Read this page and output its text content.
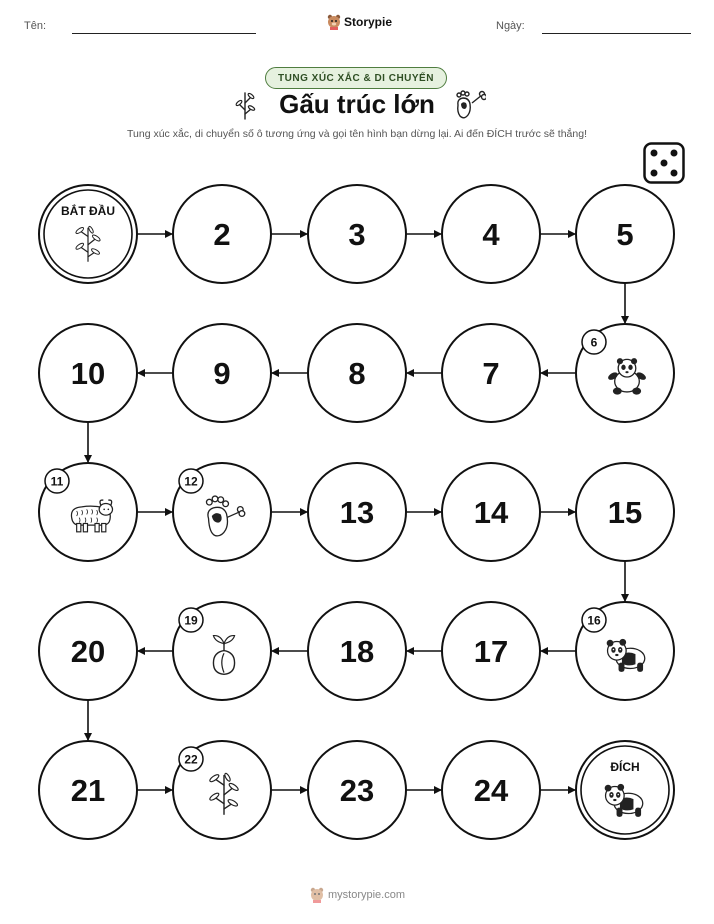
Tên:	Storypie	Ngày:
TUNG XÚC XẮC & DI CHUYỂN
Gấu trúc lớn
Tung xúc xắc, di chuyển số ô tương ứng và gọi tên hình bạn dừng lại. Ai đến ĐÍCH trước sẽ thắng!
BẮT ĐẦU
2	3	4	5
6
7
8
9
10
11	12
13	14	15
16
17
18
19
20
21
22
23	24
ĐÍCH
mystorypie.com
